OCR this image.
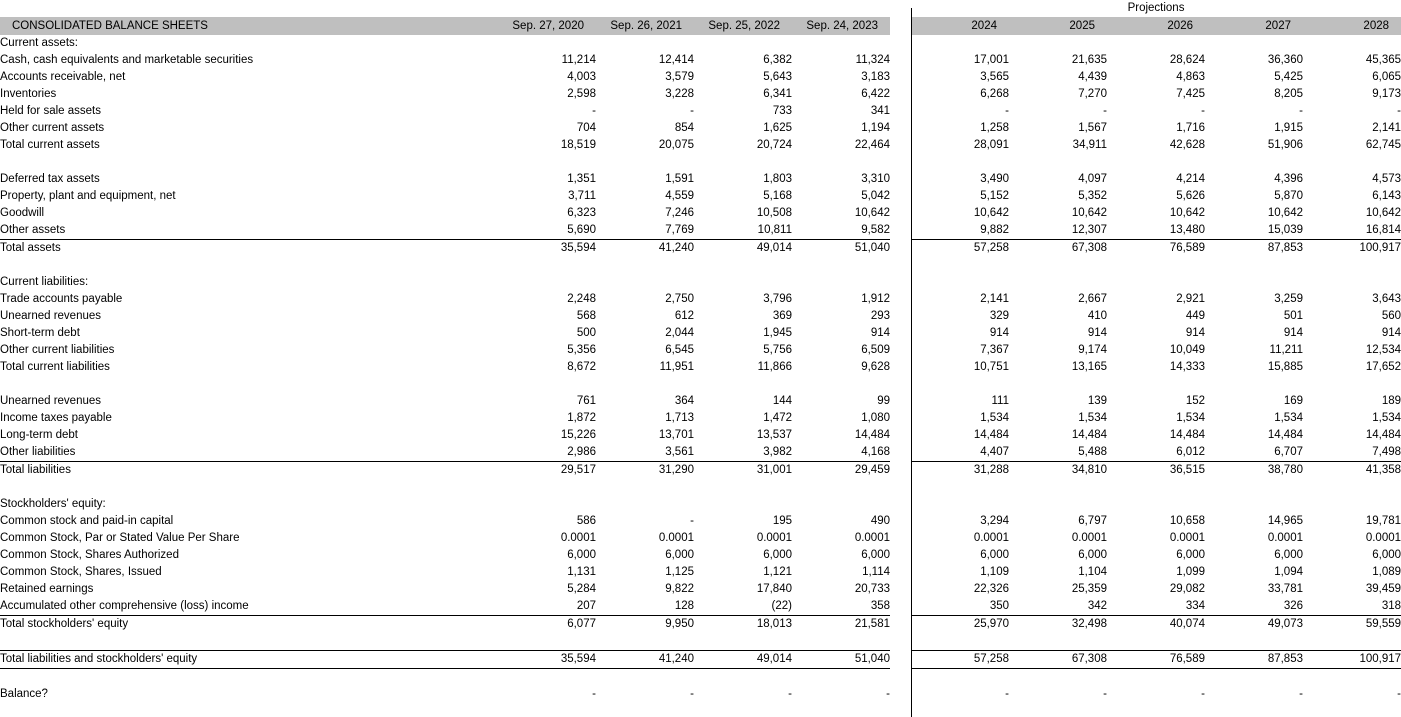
						Projections				
CONSOLIDATED BALANCE SHEETS	Sep. 27, 2020	Sep. 26, 2021	Sep. 25, 2022	Sep. 24, 2023		2024	2025	2026	2027	2028
Current assets:										
Cash, cash equivalents and marketable securities	11,214	12,414	6,382	11,324		17,001	21,635	28,624	36,360	45,365
Accounts receivable, net	4,003	3,579	5,643	3,183		3,565	4,439	4,863	5,425	6,065
Inventories	2,598	3,228	6,341	6,422		6,268	7,270	7,425	8,205	9,173
Held for sale assets	-	-	733	341		-	-	-	-	-
Other current assets	704	854	1,625	1,194		1,258	1,567	1,716	1,915	2,141
Total current assets	18,519	20,075	20,724	22,464		28,091	34,911	42,628	51,906	62,745

Deferred tax assets	1,351	1,591	1,803	3,310		3,490	4,097	4,214	4,396	4,573
Property, plant and equipment, net	3,711	4,559	5,168	5,042		5,152	5,352	5,626	5,870	6,143
Goodwill	6,323	7,246	10,508	10,642		10,642	10,642	10,642	10,642	10,642
Other assets	5,690	7,769	10,811	9,582		9,882	12,307	13,480	15,039	16,814
Total assets	35,594	41,240	49,014	51,040		57,258	67,308	76,589	87,853	100,917

Current liabilities:										
Trade accounts payable	2,248	2,750	3,796	1,912		2,141	2,667	2,921	3,259	3,643
Unearned revenues	568	612	369	293		329	410	449	501	560
Short-term debt	500	2,044	1,945	914		914	914	914	914	914
Other current liabilities	5,356	6,545	5,756	6,509		7,367	9,174	10,049	11,211	12,534
Total current liabilities	8,672	11,951	11,866	9,628		10,751	13,165	14,333	15,885	17,652

Unearned revenues	761	364	144	99		111	139	152	169	189
Income taxes payable	1,872	1,713	1,472	1,080		1,534	1,534	1,534	1,534	1,534
Long-term debt	15,226	13,701	13,537	14,484		14,484	14,484	14,484	14,484	14,484
Other liabilities	2,986	3,561	3,982	4,168		4,407	5,488	6,012	6,707	7,498
Total liabilities	29,517	31,290	31,001	29,459		31,288	34,810	36,515	38,780	41,358

Stockholders' equity:										
Common stock and paid-in capital	586	-	195	490		3,294	6,797	10,658	14,965	19,781
Common Stock, Par or Stated Value Per Share	0.0001	0.0001	0.0001	0.0001		0.0001	0.0001	0.0001	0.0001	0.0001
Common Stock, Shares Authorized	6,000	6,000	6,000	6,000		6,000	6,000	6,000	6,000	6,000
Common Stock, Shares, Issued	1,131	1,125	1,121	1,114		1,109	1,104	1,099	1,094	1,089
Retained earnings	5,284	9,822	17,840	20,733		22,326	25,359	29,082	33,781	39,459
Accumulated other comprehensive (loss) income	207	128	(22)	358		350	342	334	326	318
Total stockholders' equity	6,077	9,950	18,013	21,581		25,970	32,498	40,074	49,073	59,559

Total liabilities and stockholders' equity	35,594	41,240	49,014	51,040		57,258	67,308	76,589	87,853	100,917

Balance?	-	-	-	-		-	-	-	-	-
